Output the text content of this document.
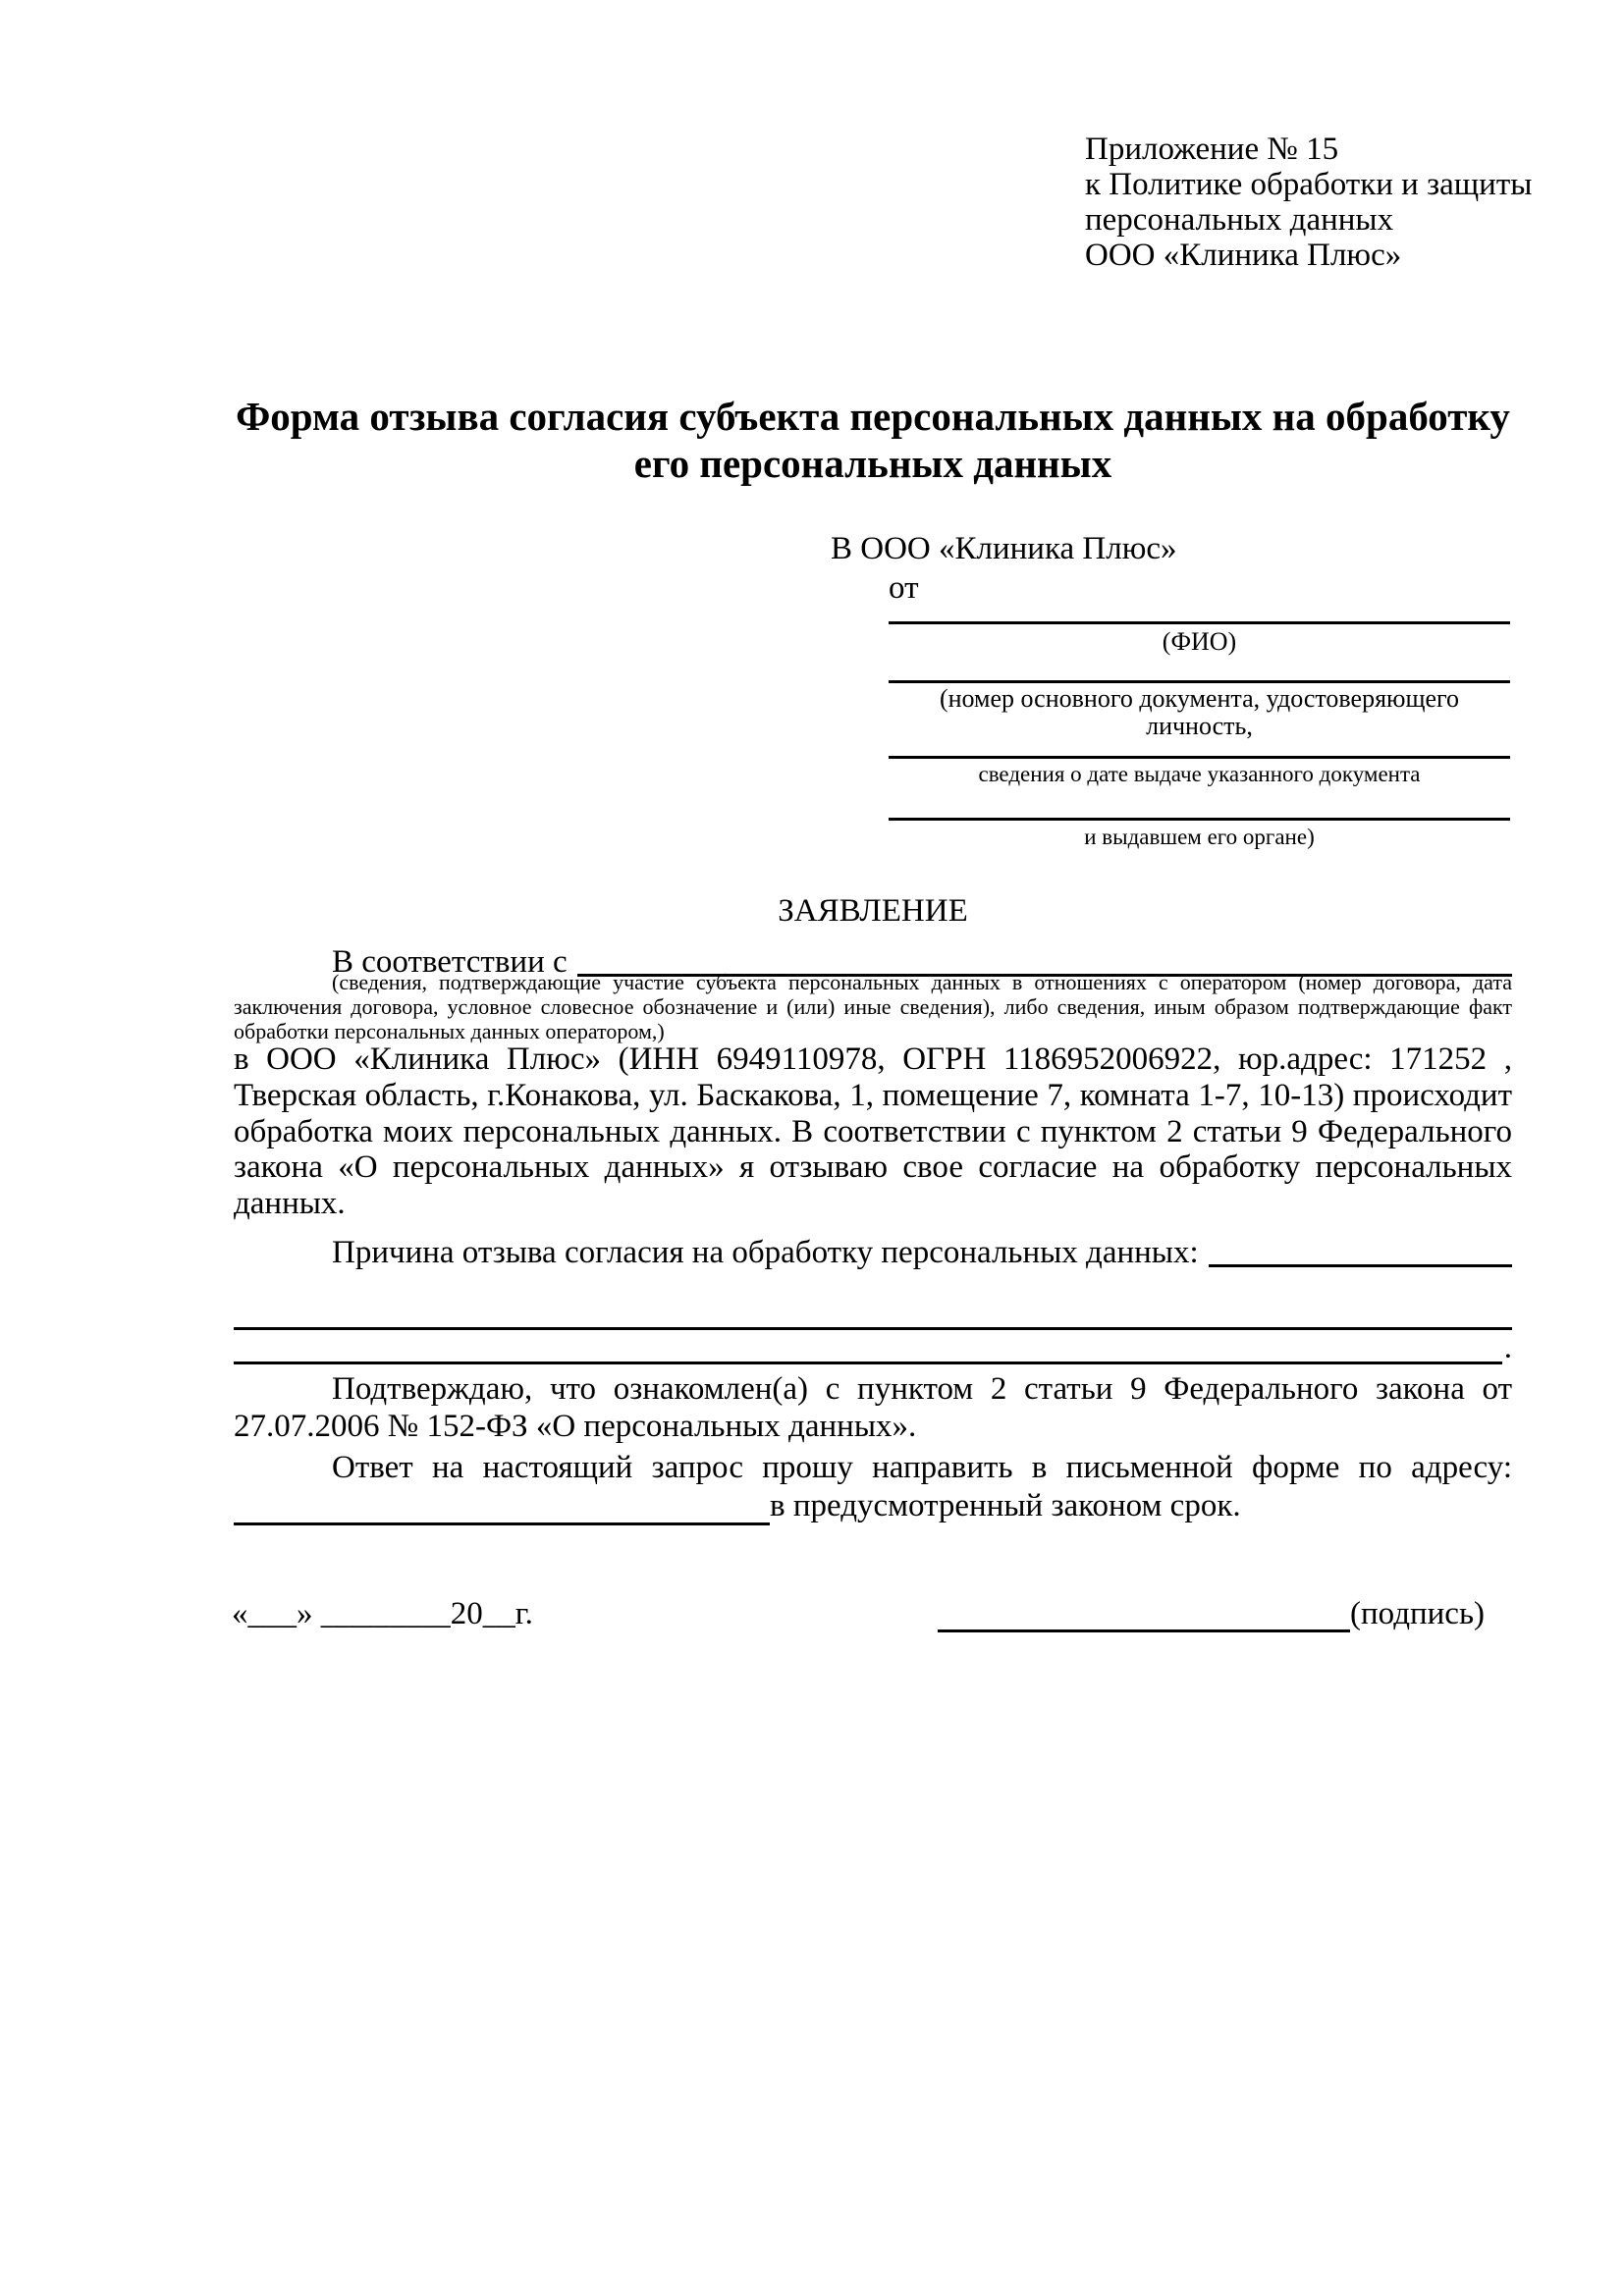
Приложение № 15
к Политике обработки и защиты
персональных данных
ООО «Клиника Плюс»
Форма отзыва согласия субъекта персональных данных на обработку
его персональных данных
В ООО «Клиника Плюс»
от
(ФИО)
(номер основного документа, удостоверяющего личность,
сведения о дате выдаче указанного документа
и выдавшем его органе)
ЗАЯВЛЕНИЕ
В соответствии с
(сведения, подтверждающие участие субъекта персональных данных в отношениях с оператором (номер договора, дата заключения договора, условное словесное обозначение и (или) иные сведения), либо сведения, иным образом подтверждающие факт обработки персональных данных оператором,)
в ООО «Клиника Плюс» (ИНН 6949110978, ОГРН 1186952006922, юр.адрес: 171252 , Тверская область, г.Конакова, ул. Баскакова, 1, помещение 7, комната 1-7, 10-13) происходит обработка моих персональных данных. В соответствии с пунктом 2 статьи 9 Федерального закона «О персональных данных» я отзываю свое согласие на обработку персональных данных.
Причина отзыва согласия на обработку персональных данных:
.
Подтверждаю, что ознакомлен(а) с пунктом 2 статьи 9 Федерального закона от 27.07.2006 № 152-ФЗ «О персональных данных».
Ответ на настоящий запрос прошу направить в письменной форме по адресу:
в предусмотренный законом срок.
«___» ________20__г.	(подпись)
